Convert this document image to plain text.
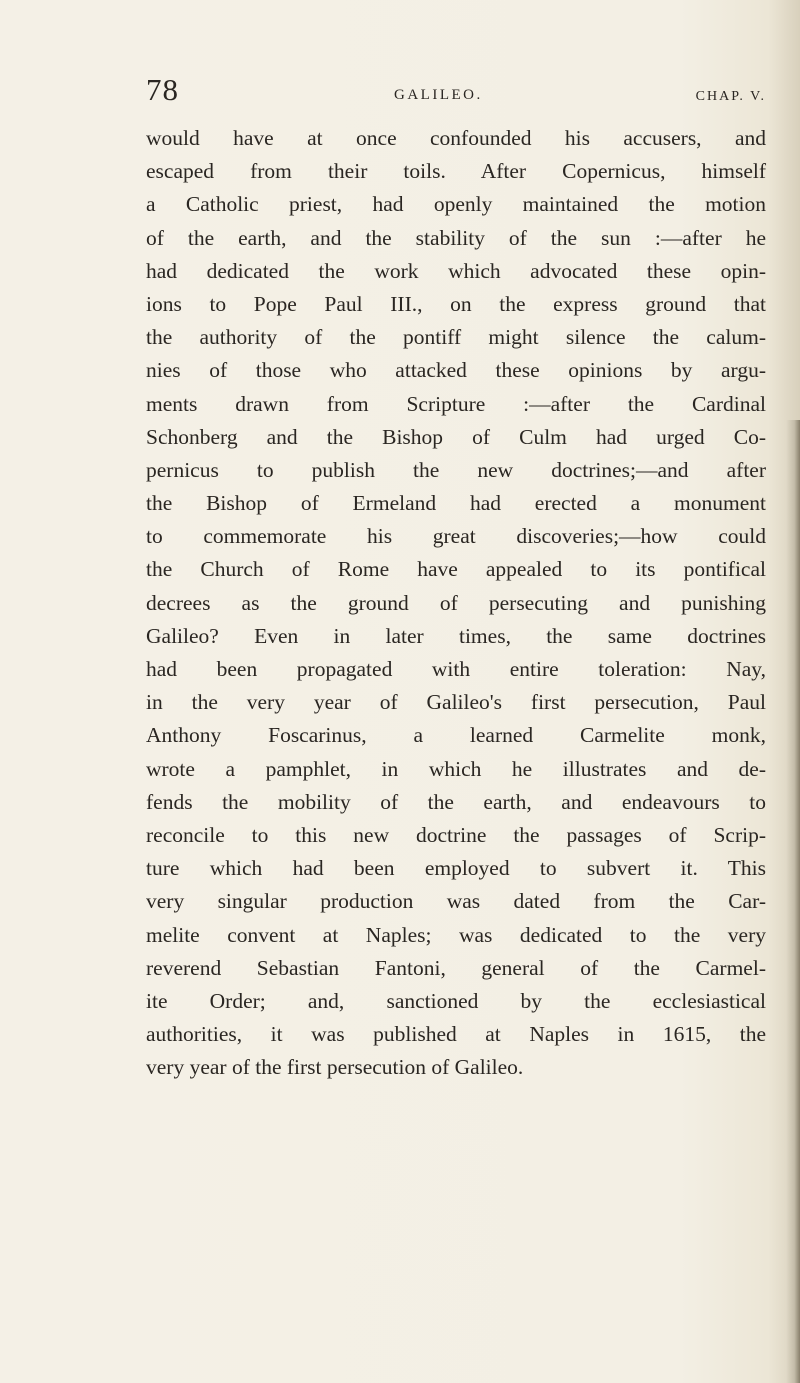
78	GALILEO.	CHAP. V.
would have at once confounded his accusers, and
escaped from their toils. After Copernicus, himself
a Catholic priest, had openly maintained the motion
of the earth, and the stability of the sun :—after he
had dedicated the work which advocated these opin-
ions to Pope Paul III., on the express ground that
the authority of the pontiff might silence the calum-
nies of those who attacked these opinions by argu-
ments drawn from Scripture :—after the Cardinal
Schonberg and the Bishop of Culm had urged Co-
pernicus to publish the new doctrines;—and after
the Bishop of Ermeland had erected a monument
to commemorate his great discoveries;—how could
the Church of Rome have appealed to its pontifical
decrees as the ground of persecuting and punishing
Galileo? Even in later times, the same doctrines
had been propagated with entire toleration: Nay,
in the very year of Galileo's first persecution, Paul
Anthony Foscarinus, a learned Carmelite monk,
wrote a pamphlet, in which he illustrates and de-
fends the mobility of the earth, and endeavours to
reconcile to this new doctrine the passages of Scrip-
ture which had been employed to subvert it. This
very singular production was dated from the Car-
melite convent at Naples; was dedicated to the very
reverend Sebastian Fantoni, general of the Carmel-
ite Order; and, sanctioned by the ecclesiastical
authorities, it was published at Naples in 1615, the
very year of the first persecution of Galileo.
